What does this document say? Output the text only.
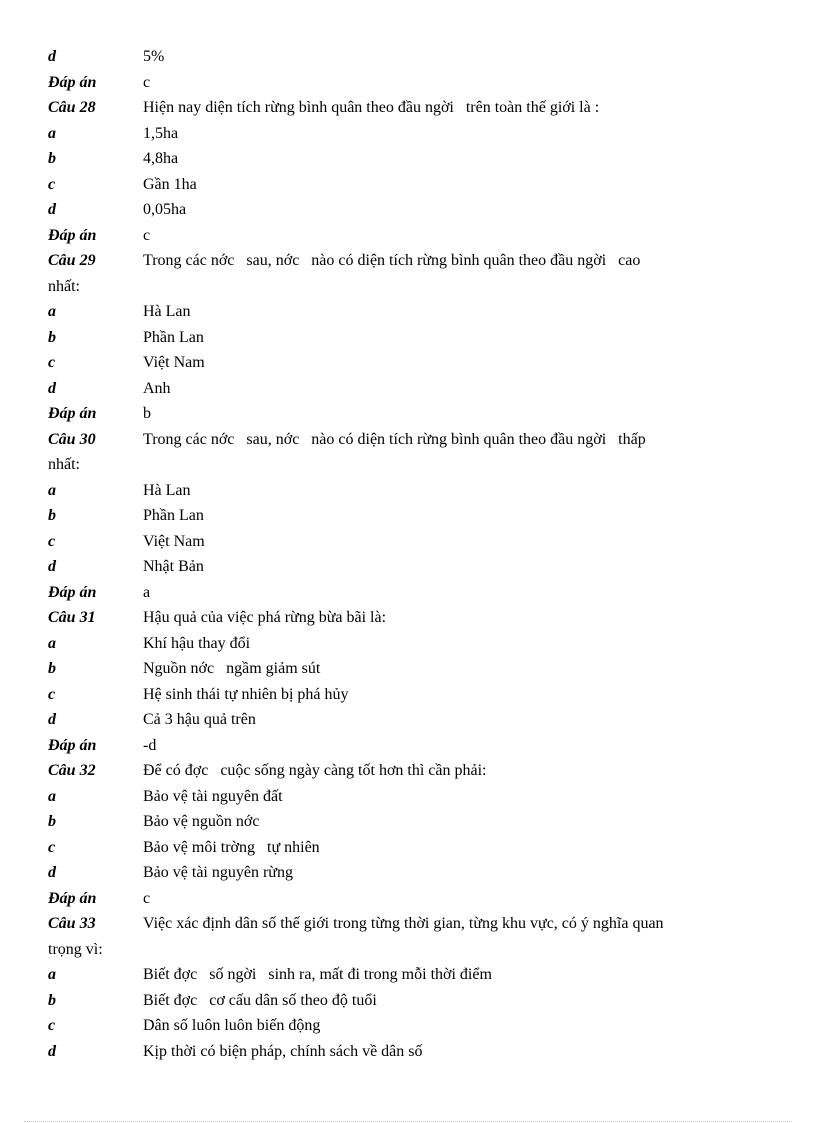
d	5%
Đáp án	c
Câu 28	Hiện nay diện tích rừng bình quân theo đầu ngời   trên toàn thế giới là :
a	1,5ha
b	4,8ha
c	Gần 1ha
d	0,05ha
Đáp án	c
Câu 29	Trong các nớc   sau, nớc   nào có diện tích rừng bình quân theo đầu ngời   cao
nhất:
a	Hà Lan
b	Phần Lan
c	Việt Nam
d	Anh
Đáp án	b
Câu 30	Trong các nớc   sau, nớc   nào có diện tích rừng bình quân theo đầu ngời   thấp
nhất:
a	Hà Lan
b	Phần Lan
c	Việt Nam
d	Nhật Bản
Đáp án	a
Câu 31	Hậu quả của việc phá rừng bừa bãi là:
a	Khí hậu thay đổi
b	Nguồn nớc   ngầm giảm sút
c	Hệ sinh thái tự nhiên bị phá hủy
d	Cả 3 hậu quả trên
Đáp án	-d
Câu 32	Để có đợc   cuộc sống ngày càng tốt hơn thì cần phải:
a	Bảo vệ tài nguyên đất
b	Bảo vệ nguồn nớc
c	Bảo vệ môi trờng   tự nhiên
d	Bảo vệ tài nguyên rừng
Đáp án	c
Câu 33	Việc xác định dân số thế giới trong từng thời gian, từng khu vực, có ý nghĩa quan
trọng vì:
a	Biết đợc   số ngời   sinh ra, mất đi trong mỗi thời điểm
b	Biết đợc   cơ cấu dân số theo độ tuổi
c	Dân số luôn luôn biến động
d	Kịp thời có biện pháp, chính sách về dân số
